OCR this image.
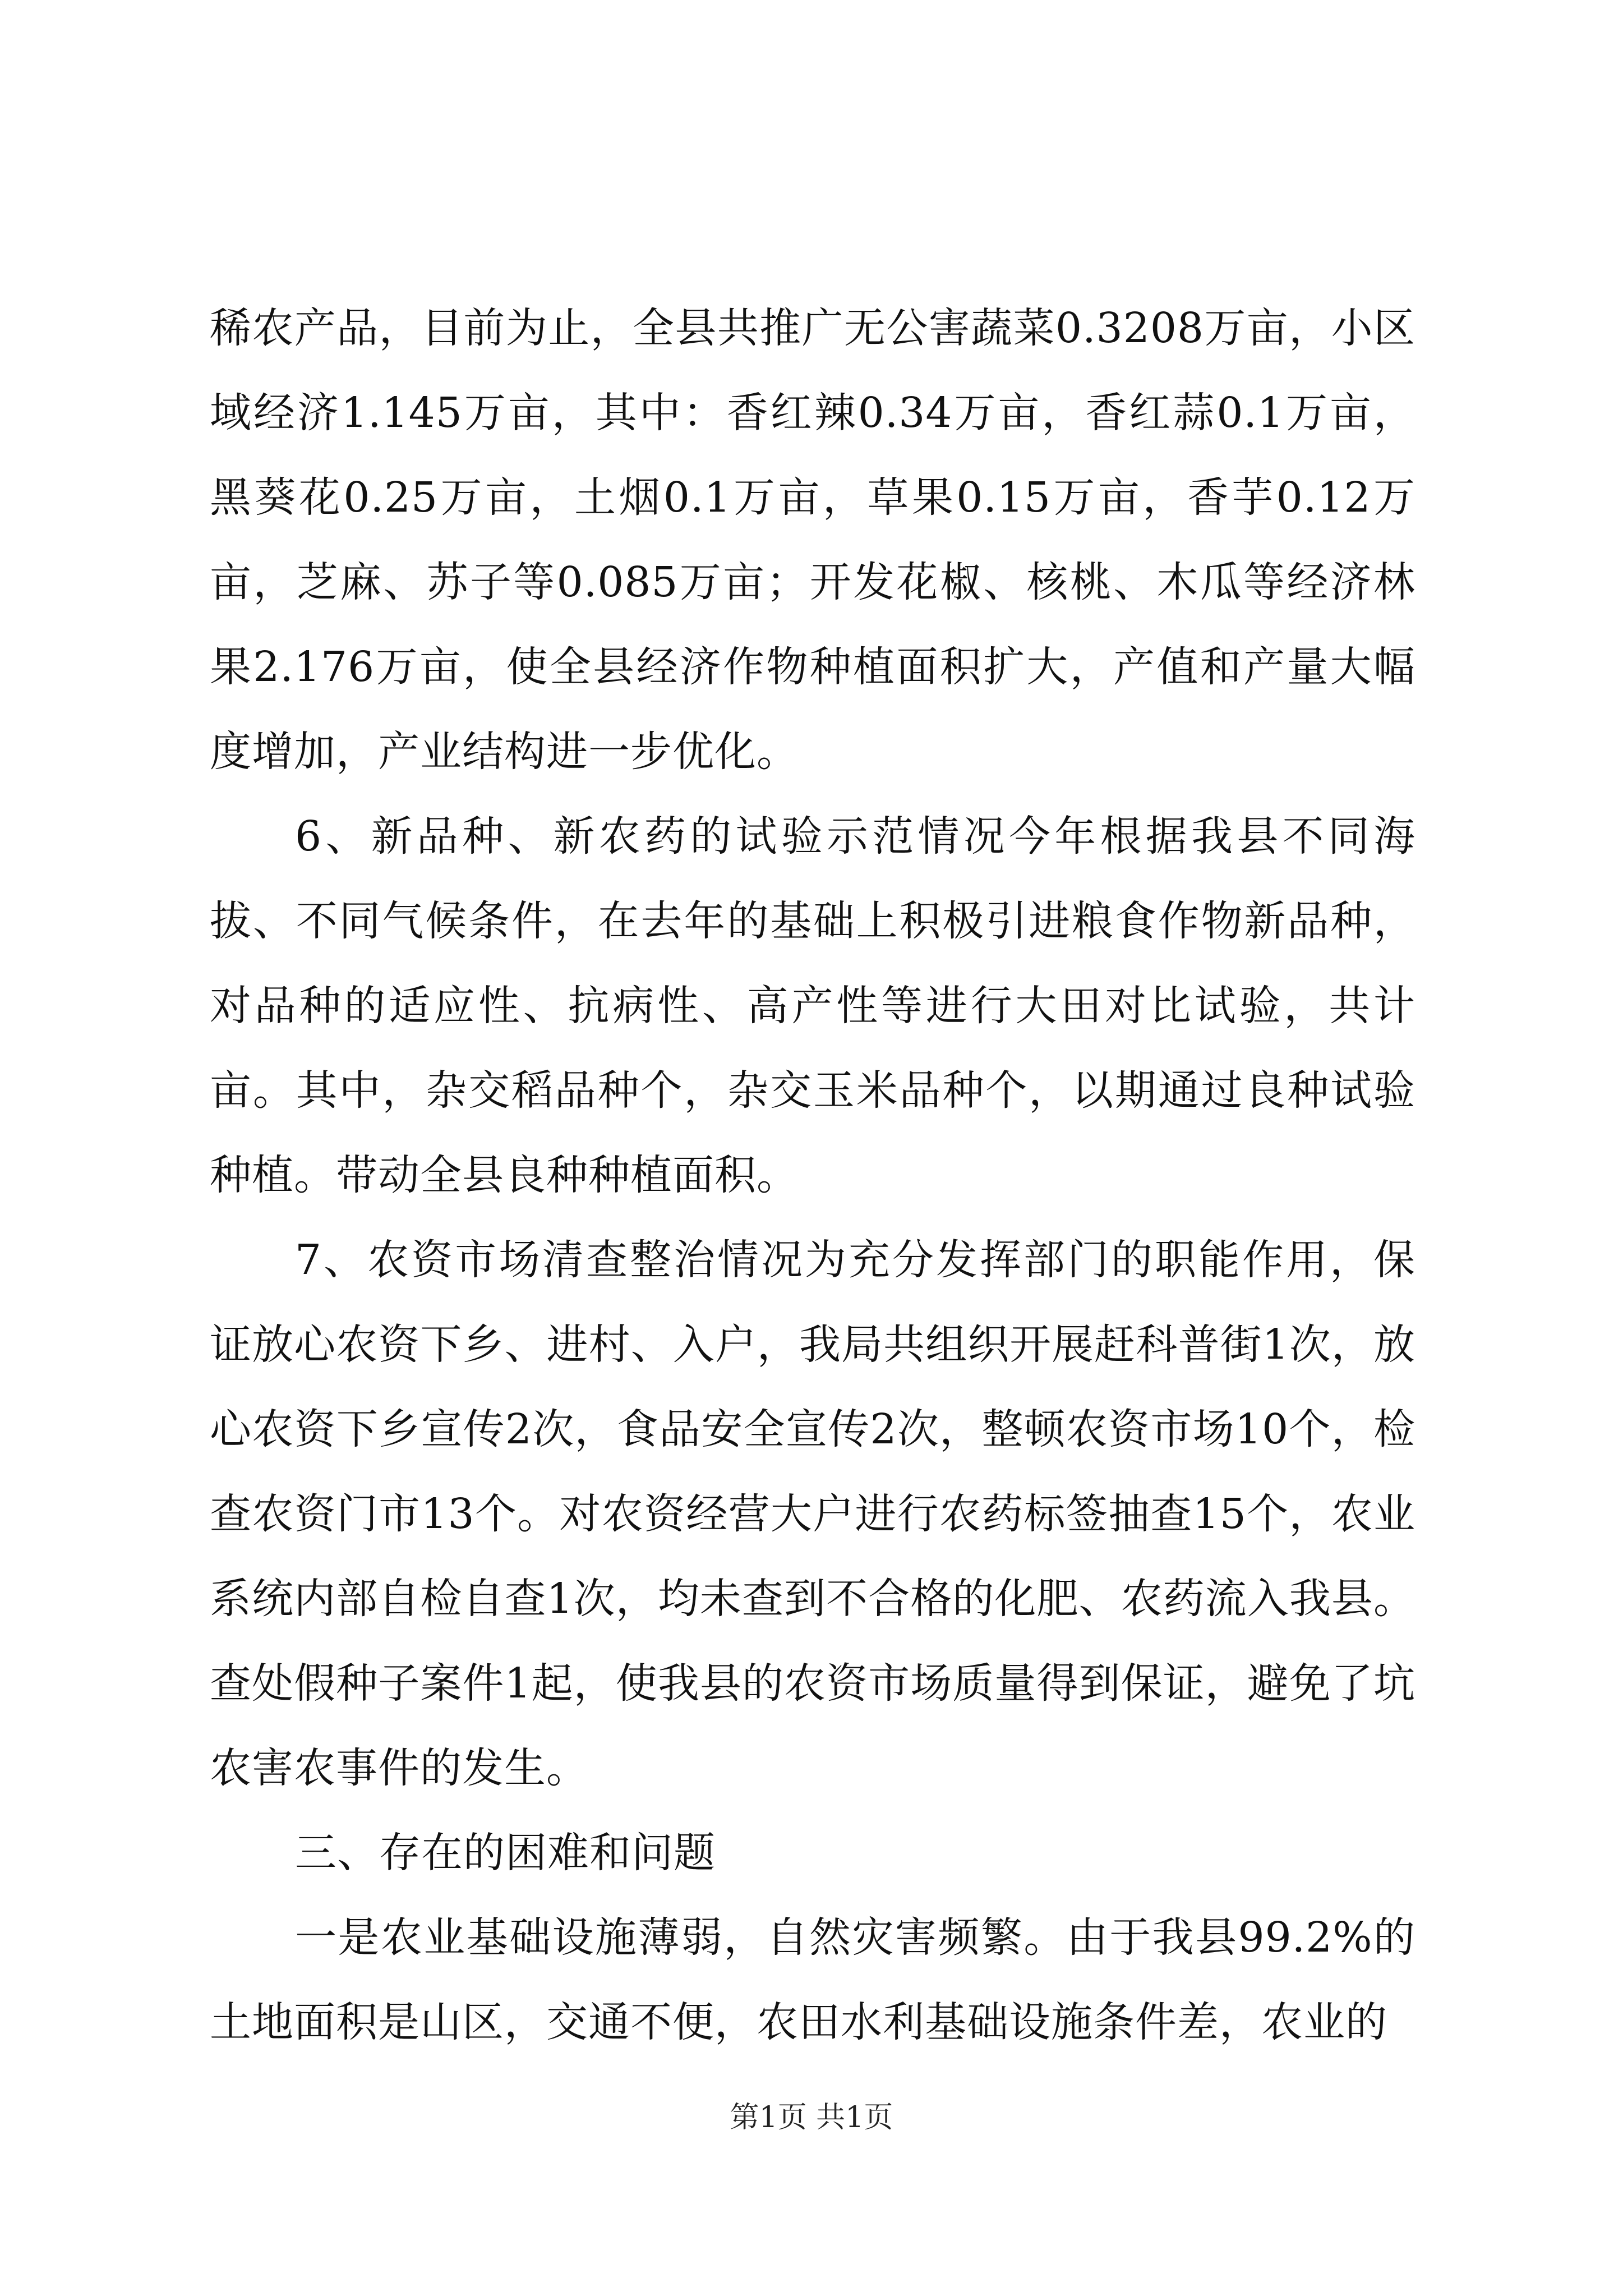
稀农产品，目前为止，全县共推广无公害蔬菜0.3208万亩，小区域经济1.145万亩，其中：香红辣0.34万亩，香红蒜0.1万亩，黑葵花0.25万亩，土烟0.1万亩，草果0.15万亩，香芋0.12万亩，芝麻、苏子等0.085万亩；开发花椒、核桃、木瓜等经济林果2.176万亩，使全县经济作物种植面积扩大，产值和产量大幅度增加，产业结构进一步优化。

6、新品种、新农药的试验示范情况今年根据我县不同海拔、不同气候条件，在去年的基础上积极引进粮食作物新品种，对品种的适应性、抗病性、高产性等进行大田对比试验，共计亩。其中，杂交稻品种个，杂交玉米品种个，以期通过良种试验种植。带动全县良种种植面积。

7、农资市场清查整治情况为充分发挥部门的职能作用，保证放心农资下乡、进村、入户，我局共组织开展赶科普街1次，放心农资下乡宣传2次，食品安全宣传2次，整顿农资市场10个，检查农资门市13个。对农资经营大户进行农药标签抽查15个，农业系统内部自检自查1次，均未查到不合格的化肥、农药流入我县。查处假种子案件1起，使我县的农资市场质量得到保证，避免了坑农害农事件的发生。

三、存在的困难和问题

一是农业基础设施薄弱，自然灾害频繁。由于我县99.2%的土地面积是山区，交通不便，农田水利基础设施条件差，农业的

第1页 共1页
